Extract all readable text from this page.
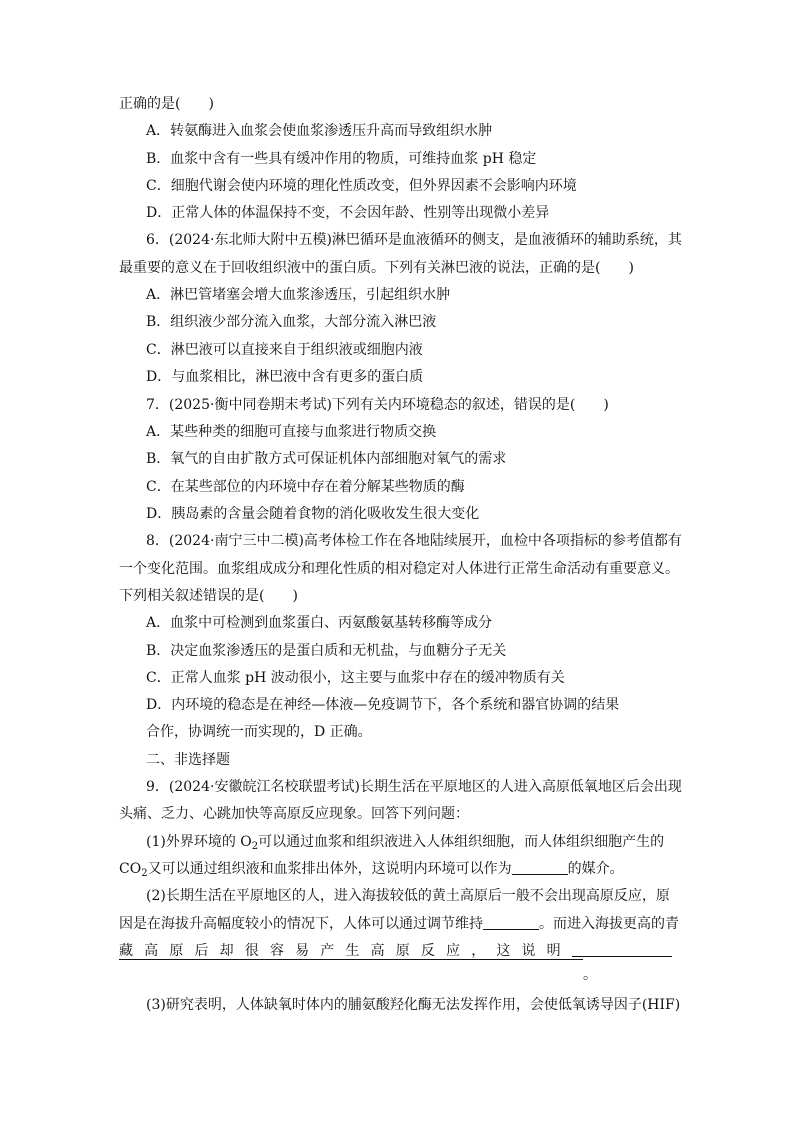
正确的是(　　)
A．转氨酶进入血浆会使血浆渗透压升高而导致组织水肿
B．血浆中含有一些具有缓冲作用的物质，可维持血浆 pH 稳定
C．细胞代谢会使内环境的理化性质改变，但外界因素不会影响内环境
D．正常人体的体温保持不变，不会因年龄、性别等出现微小差异
6．(2024·东北师大附中五模)淋巴循环是血液循环的侧支，是血液循环的辅助系统，其
最重要的意义在于回收组织液中的蛋白质。下列有关淋巴液的说法，正确的是(　　)
A．淋巴管堵塞会增大血浆渗透压，引起组织水肿
B．组织液少部分流入血浆，大部分流入淋巴液
C．淋巴液可以直接来自于组织液或细胞内液
D．与血浆相比，淋巴液中含有更多的蛋白质
7．(2025·衡中同卷期末考试)下列有关内环境稳态的叙述，错误的是(　　)
A．某些种类的细胞可直接与血浆进行物质交换
B．氧气的自由扩散方式可保证机体内部细胞对氧气的需求
C．在某些部位的内环境中存在着分解某些物质的酶
D．胰岛素的含量会随着食物的消化吸收发生很大变化
8．(2024·南宁三中二模)高考体检工作在各地陆续展开，血检中各项指标的参考值都有
一个变化范围。血浆组成成分和理化性质的相对稳定对人体进行正常生命活动有重要意义。
下列相关叙述错误的是(　　)
A．血浆中可检测到血浆蛋白、丙氨酸氨基转移酶等成分
B．决定血浆渗透压的是蛋白质和无机盐，与血糖分子无关
C．正常人血浆 pH 波动很小，这主要与血浆中存在的缓冲物质有关
D．内环境的稳态是在神经—体液—免疫调节下，各个系统和器官协调的结果
合作，协调统一而实现的，D 正确。
二、非选择题
9．(2024·安徽皖江名校联盟考试)长期生活在平原地区的人进入高原低氧地区后会出现
头痛、乏力、心跳加快等高原反应现象。回答下列问题：
(1)外界环境的 $O_2$可以通过血浆和组织液进入人体组织细胞，而人体组织细胞产生的
$CO_2$又可以通过组织液和血浆排出体外，这说明内环境可以作为	的媒介。
(2)长期生活在平原地区的人，进入海拔较低的黄土高原后一般不会出现高原反应，原
因是在海拔升高幅度较小的情况下，人体可以通过调节维持	。而进入海拔更高的青
藏 高 原 后 却 很 容 易 产 生 高 原 反 应 ， 这 说 明
。
(3)研究表明，人体缺氧时体内的脯氨酸羟化酶无法发挥作用，会使低氧诱导因子(HIF)
